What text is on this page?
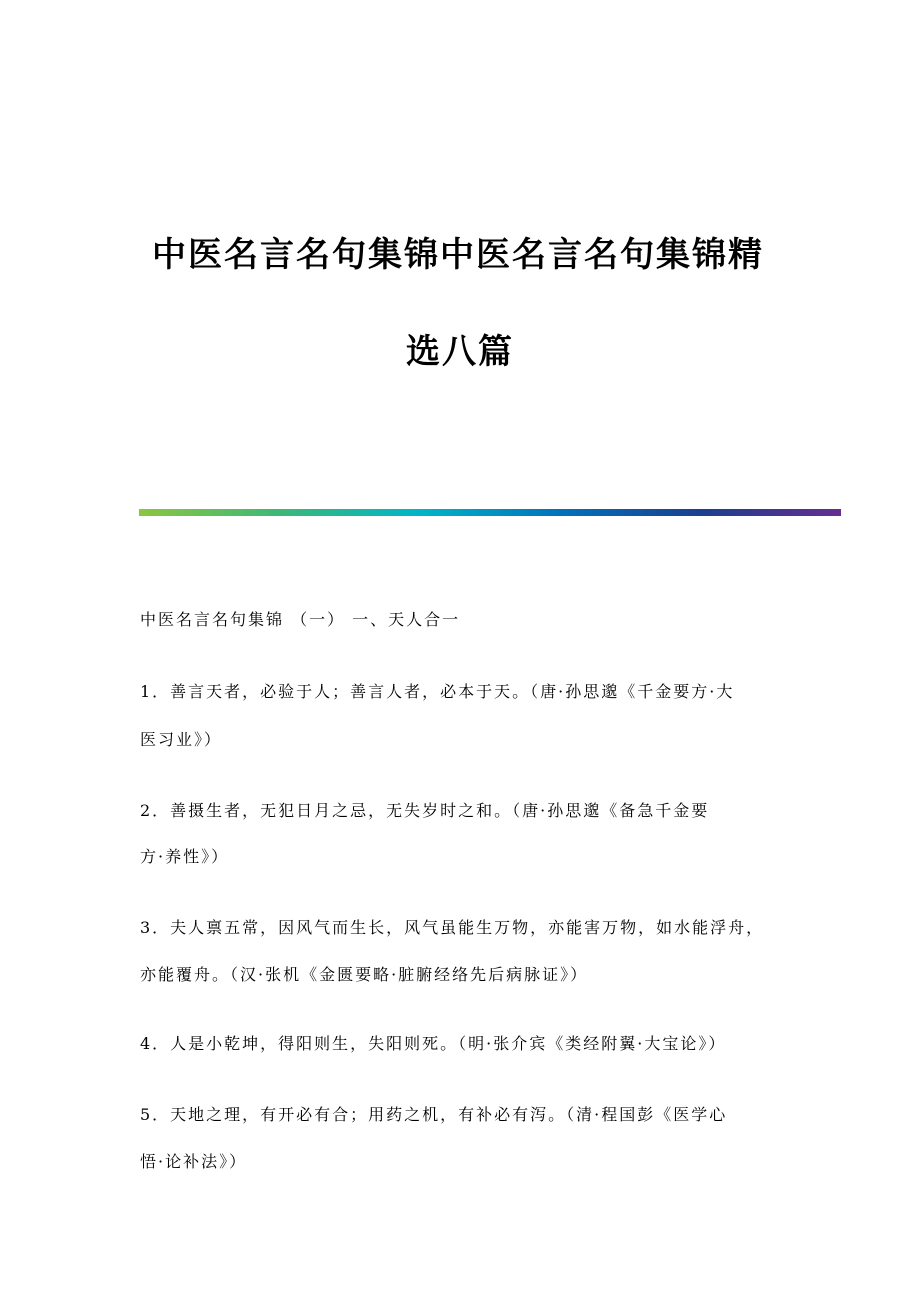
中医名言名句集锦中医名言名句集锦精
选八篇
中医名言名句集锦 （一） 一、天人合一
1．善言天者，必验于人；善言人者，必本于天。（唐·孙思邈《千金要方·大
医习业》）
2．善摄生者，无犯日月之忌，无失岁时之和。（唐·孙思邈《备急千金要
方·养性》）
3．夫人禀五常，因风气而生长，风气虽能生万物，亦能害万物，如水能浮舟，
亦能覆舟。（汉·张机《金匮要略·脏腑经络先后病脉证》）
4．人是小乾坤，得阳则生，失阳则死。（明·张介宾《类经附翼·大宝论》）
5．天地之理，有开必有合；用药之机，有补必有泻。（清·程国彭《医学心
悟·论补法》）
